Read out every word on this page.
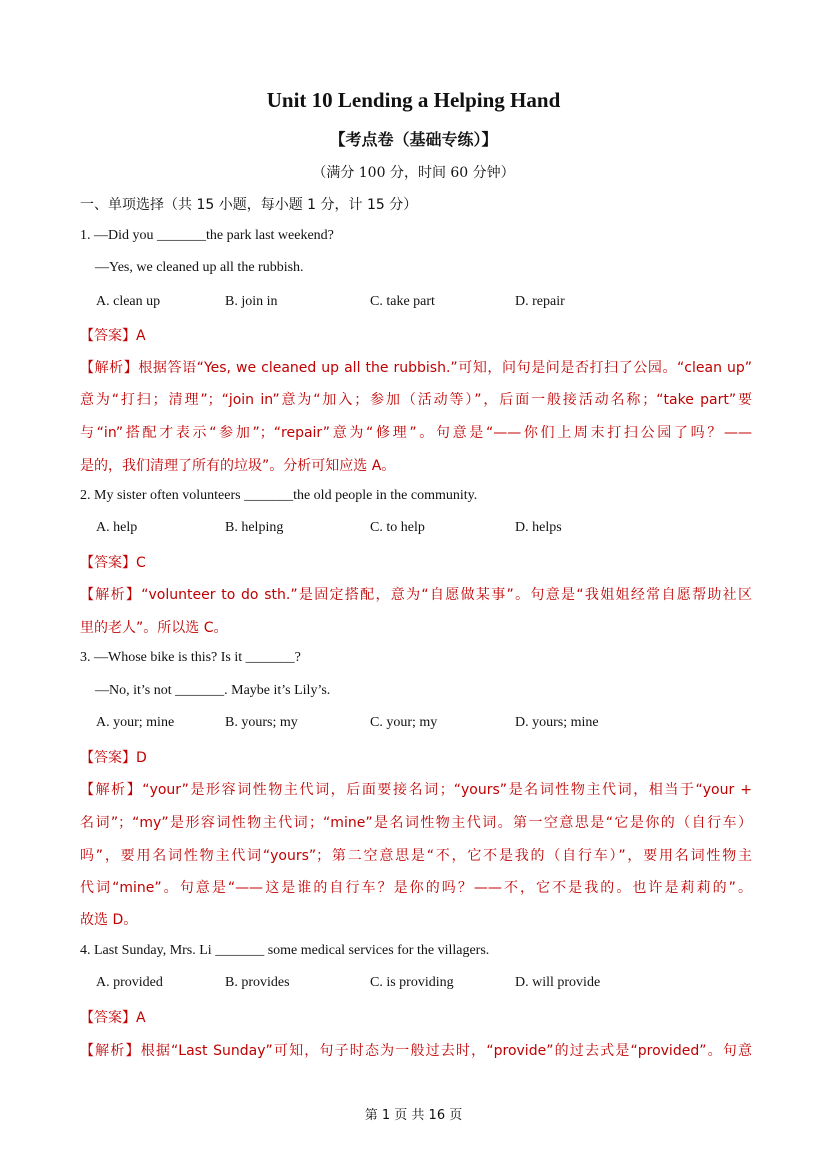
Unit 10 Lending a Helping Hand
【考点卷（基础专练）】
（满分 100 分，时间 60 分钟）
一、单项选择（共 15 小题，每小题 1 分，计 15 分）
1. —Did you _______the park last weekend?
—Yes, we cleaned up all the rubbish.
A. clean up	B. join in	C. take part	D. repair
【答案】A
【解析】根据答语“Yes, we cleaned up all the rubbish.”可知，问句是问是否打扫了公园。“clean up”
意为“打扫；清理”；“join in”意为“加入；参加（活动等）”，后面一般接活动名称；“take part”要
与“in”搭配才表示“参加”；“repair”意为“修理”。句意是“——你们上周末打扫公园了吗？——
是的，我们清理了所有的垃圾”。分析可知应选 A。
2. My sister often volunteers _______the old people in the community.
A. help	B. helping	C. to help	D. helps
【答案】C
【解析】“volunteer to do sth.”是固定搭配，意为“自愿做某事”。句意是“我姐姐经常自愿帮助社区
里的老人”。所以选 C。
3. —Whose bike is this? Is it _______?
—No, it’s not _______. Maybe it’s Lily’s.
A. your; mine	B. yours; my	C. your; my	D. yours; mine
【答案】D
【解析】“your”是形容词性物主代词，后面要接名词；“yours”是名词性物主代词，相当于“your +
名词”；“my”是形容词性物主代词；“mine”是名词性物主代词。第一空意思是“它是你的（自行车）
吗”，要用名词性物主代词“yours”；第二空意思是“不，它不是我的（自行车）”，要用名词性物主
代词“mine”。句意是“——这是谁的自行车？是你的吗？——不，它不是我的。也许是莉莉的”。
故选 D。
4. Last Sunday, Mrs. Li _______ some medical services for the villagers.
A. provided	B. provides	C. is providing	D. will provide
【答案】A
【解析】根据“Last Sunday”可知，句子时态为一般过去时，“provide”的过去式是“provided”。句意
第 1 页 共 16 页
